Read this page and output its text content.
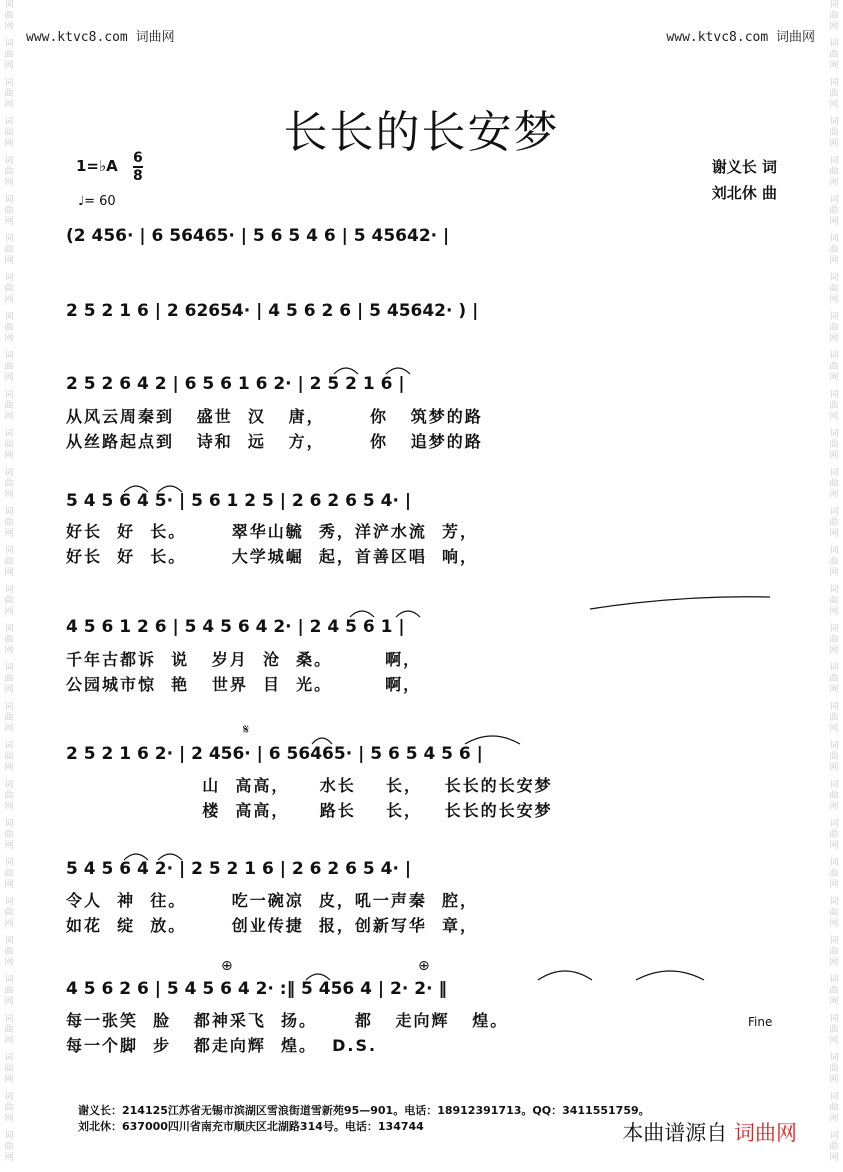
词
曲
网
词
曲
网
词
曲
网
词
曲
网
词
曲
网
词
曲
网
词
曲
网
词
曲
网
词
曲
网
词
曲
网
词
曲
网
词
曲
网
词
曲
网
词
曲
网
词
曲
网
词
曲
网
词
曲
网
词
曲
网
词
曲
网
词
曲
网
词
曲
网
词
曲
网
词
曲
网
词
曲
网
词
曲
网
词
曲
网
词
曲
网
词
曲
网
词
曲
网
词
曲
网
词
曲
网
词
曲
网
词
曲
网
词
曲
网
词
曲
网
词
曲
网
词
曲
网
词
曲
网
词
曲
网
词
曲
网
词
曲
网
词
曲
网
词
曲
网
词
曲
网
词
曲
网
词
曲
网
词
曲
网
词
曲
网
词
曲
网
词
曲
网
词
曲
网
词
曲
网
词
曲
网
词
曲
网
词
曲
网
词
曲
网
词
曲
网
词
曲
网
词
曲
网
词
曲
网
www.ktvc8.com 词曲网	www.ktvc8.com 词曲网
长长的长安梦
1=♭A 6
8
♩= 60
谢义长 词
刘北休 曲
(2 456· | 6 56465· | 5 6 5 4 6 | 5 45642· |
2 5 2 1 6 | 2 62654· | 4 5 6 2 6 | 5 45642· ) |
2 5 2 6 4 2 | 6 5 6 1 6 2· | 2 5 2 1 6 |
从风云周秦到   盛世  汉   唐，      你   筑梦的路
从丝路起点到   诗和  远   方，      你   追梦的路
5 4 5 6 4 5· | 5 6 1 2 5 | 2 6 2 6 5 4· |
好长  好  长。      翠华山毓  秀，洋浐水流  芳，
好长  好  长。      大学城崛  起，首善区唱  响，
4 5 6 1 2 6 | 5 4 5 6 4 2· | 2 4 5 6 1 |
千年古都诉  说   岁月  沧  桑。       啊，
公园城市惊  艳   世界  目  光。       啊，
2 5 2 1 6 2· | 2 456· | 6 56465· | 5 6 5 4 5 6 |
山  高高，    水长    长，   长长的长安梦
楼  高高，    路长    长，   长长的长安梦
5 4 5 6 4 2· | 2 5 2 1 6 | 2 6 2 6 5 4· |
令人  神  往。      吃一碗凉  皮，吼一声秦  腔，
如花  绽  放。      创业传捷  报，创新写华  章，
4 5 6 2 6 | 5 4 5 6 4 2· :‖ 5 456 4 | 2· 2· ‖
每一张笑  脸   都神采飞  扬。     都   走向辉   煌。
每一个脚  步   都走向辉  煌。  D.S.
𝄋
⊕	⊕
Fine
谢义长：214125江苏省无锡市滨湖区雪浪街道雪新苑95—901。电话：18912391713。QQ：3411551759。
刘北休：637000四川省南充市顺庆区北湖路314号。电话：134744	本曲谱源自 词曲网
